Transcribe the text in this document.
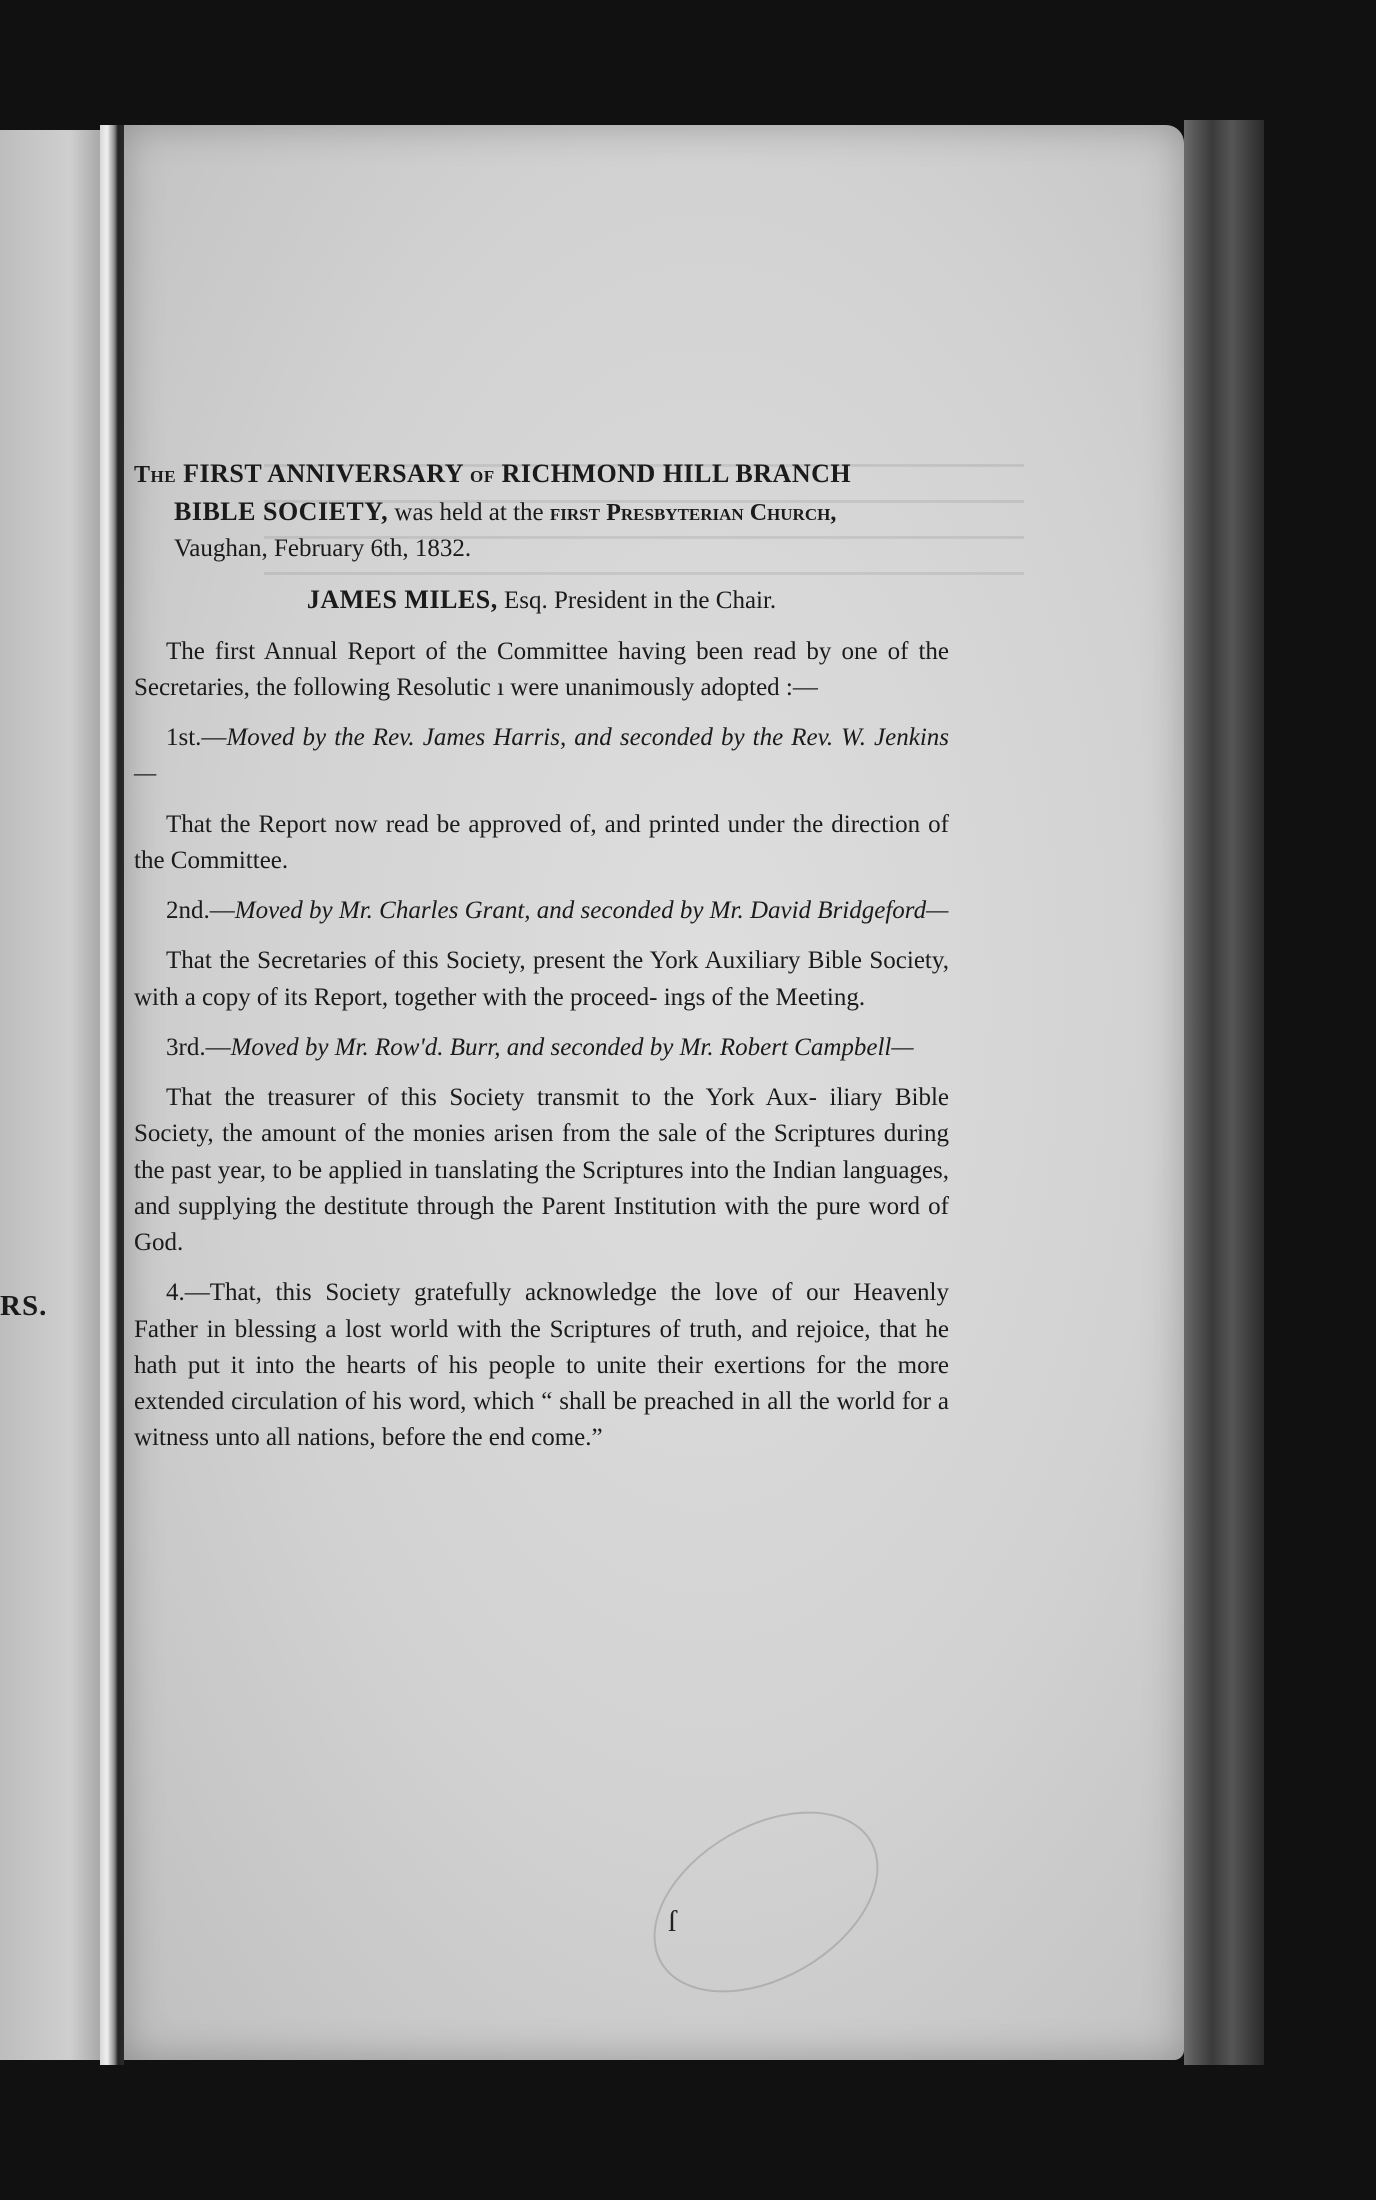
RS.
The FIRST ANNIVERSARY of RICHMOND HILL BRANCH
BIBLE SOCIETY, was held at the first Presbyterian Church,
Vaughan, February 6th, 1832.
JAMES MILES, Esq. President in the Chair.
The first Annual Report of the Committee having been read by one of the Secretaries, the following Resolutic ı were unanimously adopted :—
1st.—Moved by the Rev. James Harris, and seconded by the Rev. W. Jenkins—
That the Report now read be approved of, and printed under the direction of the Committee.
2nd.—Moved by Mr. Charles Grant, and seconded by Mr. David Bridgeford—
That the Secretaries of this Society, present the York Auxiliary Bible Society, with a copy of its Report, together with the proceed- ings of the Meeting.
3rd.—Moved by Mr. Row'd. Burr, and seconded by Mr. Robert Campbell—
That the treasurer of this Society transmit to the York Aux- iliary Bible Society, the amount of the monies arisen from the sale of the Scriptures during the past year, to be applied in tıanslating the Scriptures into the Indian languages, and supplying the destitute through the Parent Institution with the pure word of God.
4.—That, this Society gratefully acknowledge the love of our Heavenly Father in blessing a lost world with the Scriptures of truth, and rejoice, that he hath put it into the hearts of his people to unite their exertions for the more extended circulation of his word, which “ shall be preached in all the world for a witness unto all nations, before the end come.”
ſ
